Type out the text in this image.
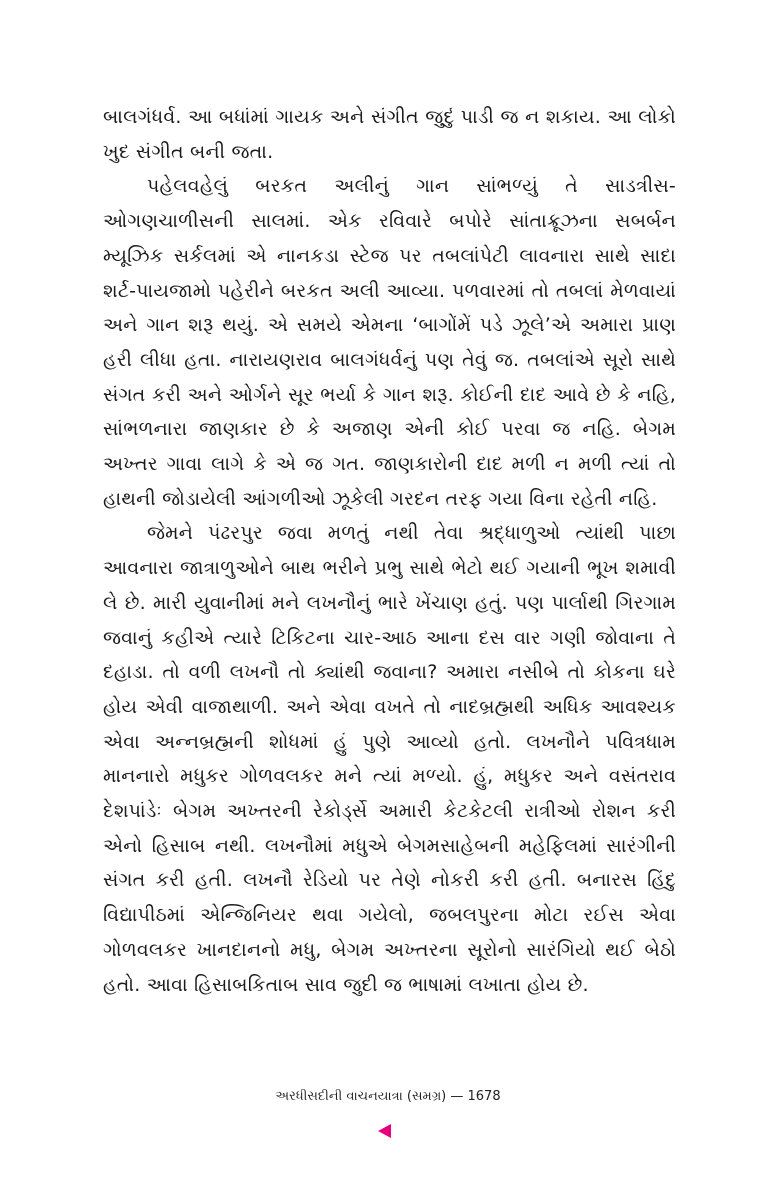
બાલગંધર્વ. આ બધાંમાં ગાયક અને સંગીત જુદું પાડી જ ન શકાય. આ લોકો ખુદ સંગીત બની જતા.

પહેલવહેલું બરકત અલીનું ગાન સાંભળ્યું તે સાડત્રીસ-ઓગણચાળીસની સાલમાં. એક રવિવારે બપોરે સાંતાક્રૂઝના સબર્બન મ્યૂઝિક સર્કલમાં એ નાનકડા સ્ટેજ પર તબલાંપેટી લાવનારા સાથે સાદા શર્ટ-પાયજામો પહેરીને બરકત અલી આવ્યા. પળવારમાં તો તબલાં મેળવાયાં અને ગાન શરૂ થયું. એ સમયે એમના ‘બાગોંમેં પડે ઝૂલે’એ અમારા પ્રાણ હરી લીધા હતા. નારાયણરાવ બાલગંધર્વનું પણ તેવું જ. તબલાંએ સૂરો સાથે સંગત કરી અને ઓર્ગને સૂર ભર્યા કે ગાન શરૂ. કોઈની દાદ આવે છે કે નહિ, સાંભળનારા જાણકાર છે કે અજાણ એની કોઈ પરવા જ નહિ. બેગમ અખ્તર ગાવા લાગે કે એ જ ગત. જાણકારોની દાદ મળી ન મળી ત્યાં તો હાથની જોડાયેલી આંગળીઓ ઝૂકેલી ગરદન તરફ ગયા વિના રહેતી નહિ.

જેમને પંઢરપુર જવા મળતું નથી તેવા શ્રદ્ધાળુઓ ત્યાંથી પાછા આવનારા જાત્રાળુઓને બાથ ભરીને પ્રભુ સાથે ભેટો થઈ ગયાની ભૂખ શમાવી લે છે. મારી યુવાનીમાં મને લખનૌનું ભારે ખેંચાણ હતું. પણ પાર્લાથી ગિરગામ જવાનું કહીએ ત્યારે ટિકિટના ચાર-આઠ આના દસ વાર ગણી જોવાના તે દહાડા. તો વળી લખનૌ તો ક્યાંથી જવાના? અમારા નસીબે તો કોકના ઘરે હોય એવી વાજાથાળી. અને એવા વખતે તો નાદબ્રહ્મથી અધિક આવશ્યક એવા અન્નબ્રહ્મની શોધમાં હું પુણે આવ્યો હતો. લખનૌને પવિત્રધામ માનનારો મધુકર ગોળવલકર મને ત્યાં મળ્યો. હું, મધુકર અને વસંતરાવ દેશપાંડેઃ બેગમ અખ્તરની રેકોર્ડ્સે અમારી કેટકેટલી રાત્રીઓ રોશન કરી એનો હિસાબ નથી. લખનૌમાં મધુએ બેગમસાહેબની મહેફિલમાં સારંગીની સંગત કરી હતી. લખનૌ રેડિયો પર તેણે નોકરી કરી હતી. બનારસ હિંદુ વિદ્યાપીઠમાં એન્જિનિયર થવા ગયેલો, જબલપુરના મોટા રઈસ એવા ગોળવલકર ખાનદાનનો મધુ, બેગમ અખ્તરના સૂરોનો સારંગિયો થઈ બેઠો હતો. આવા હિસાબકિતાબ સાવ જુદી જ ભાષામાં લખાતા હોય છે.

અરધીસદીની વાચનયાત્રા (સમગ્ર) — 1678
